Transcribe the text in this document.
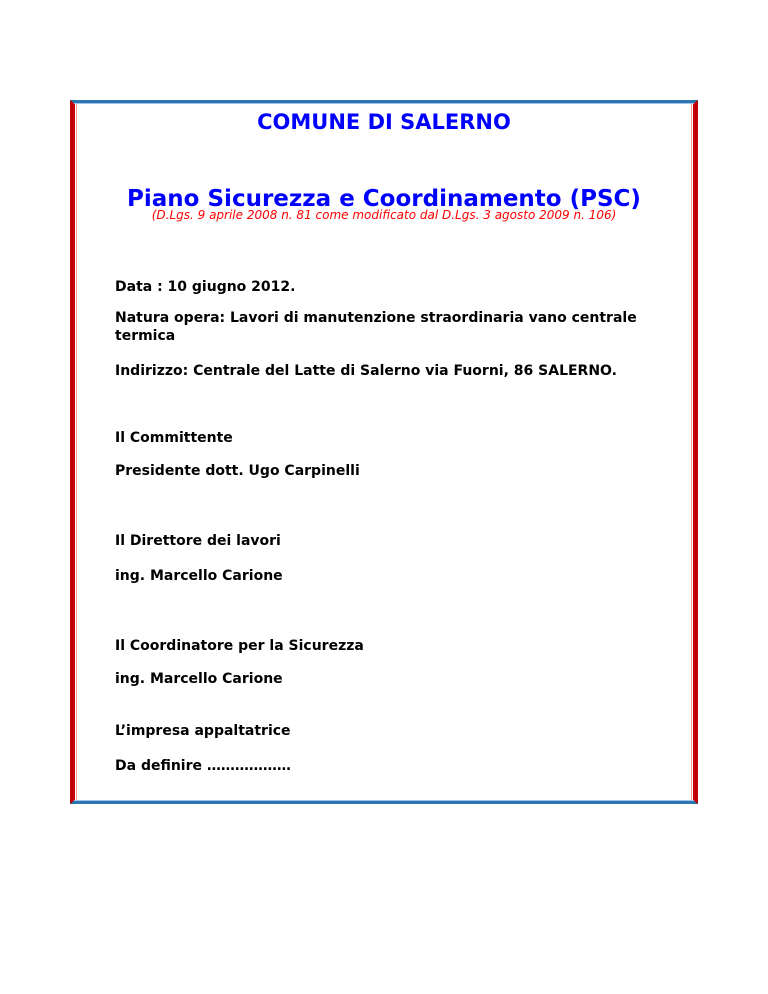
COMUNE DI SALERNO
Piano Sicurezza e Coordinamento (PSC)

(D.Lgs. 9 aprile 2008 n. 81 come modificato dal D.Lgs. 3 agosto 2009 n. 106)

Data : 10 giugno 2012.

Natura opera: Lavori di manutenzione straordinaria vano centrale termica

Indirizzo: Centrale del Latte di Salerno via Fuorni, 86 SALERNO.

Il Committente

Presidente dott. Ugo Carpinelli

Il Direttore dei lavori

ing. Marcello Carione

Il Coordinatore per la Sicurezza

ing. Marcello Carione

L’impresa appaltatrice

Da definire ………………
